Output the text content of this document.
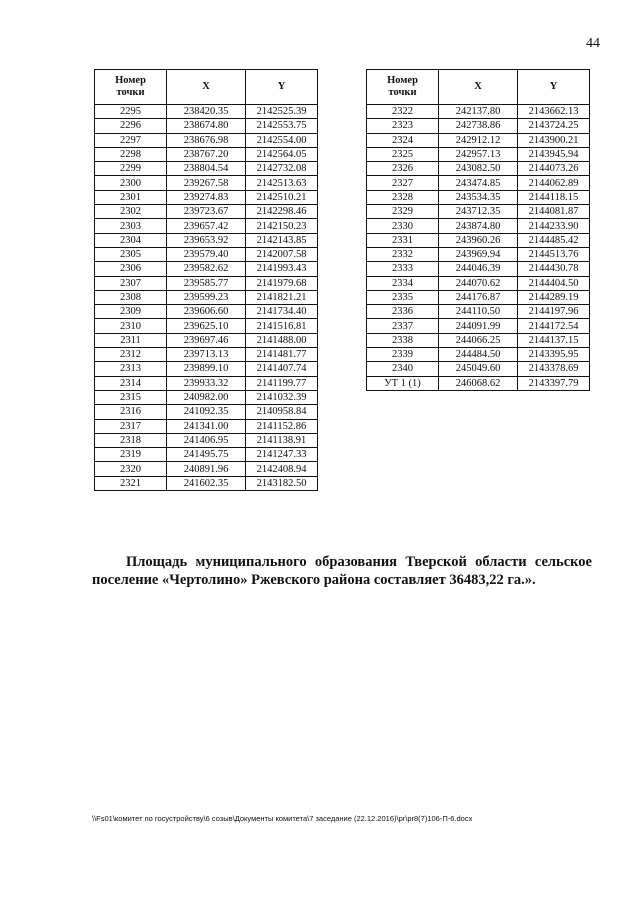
44
Номер точки	X	Y
2295	238420.35	2142525.39
2296	238674.80	2142553.75
2297	238676.98	2142554.00
2298	238767.20	2142564.05
2299	238804.54	2142732.08
2300	239267.58	2142513.63
2301	239274.83	2142510.21
2302	239723.67	2142298.46
2303	239657.42	2142150.23
2304	239653.92	2142143.85
2305	239579.40	2142007.58
2306	239582.62	2141993.43
2307	239585.77	2141979.68
2308	239599.23	2141821.21
2309	239606.60	2141734.40
2310	239625.10	2141516.81
2311	239697.46	2141488.00
2312	239713.13	2141481.77
2313	239899.10	2141407.74
2314	239933.32	2141199.77
2315	240982.00	2141032.39
2316	241092.35	2140958.84
2317	241341.00	2141152.86
2318	241406.95	2141138.91
2319	241495.75	2141247.33
2320	240891.96	2142408.94
2321	241602.35	2143182.50
Номер точки	X	Y
2322	242137.80	2143662.13
2323	242738.86	2143724.25
2324	242912.12	2143900.21
2325	242957.13	2143945.94
2326	243082.50	2144073.26
2327	243474.85	2144062.89
2328	243534.35	2144118.15
2329	243712.35	2144081.87
2330	243874.80	2144233.90
2331	243960.26	2144485.42
2332	243969.94	2144513.76
2333	244046.39	2144430.78
2334	244070.62	2144404.50
2335	244176.87	2144289.19
2336	244110.50	2144197.96
2337	244091.99	2144172.54
2338	244066.25	2144137.15
2339	244484.50	2143395.95
2340	245049.60	2143378.69
УТ 1 (1)	246068.62	2143397.79

Площадь муниципального образования Тверской области сельское поселение «Чертолино» Ржевского района составляет 36483,22 га.».

\\Fs01\комитет по госустройству\6 созыв\Документы комитета\7 заседание (22.12.2016)\pr\pr8(7)106-П-6.docx
